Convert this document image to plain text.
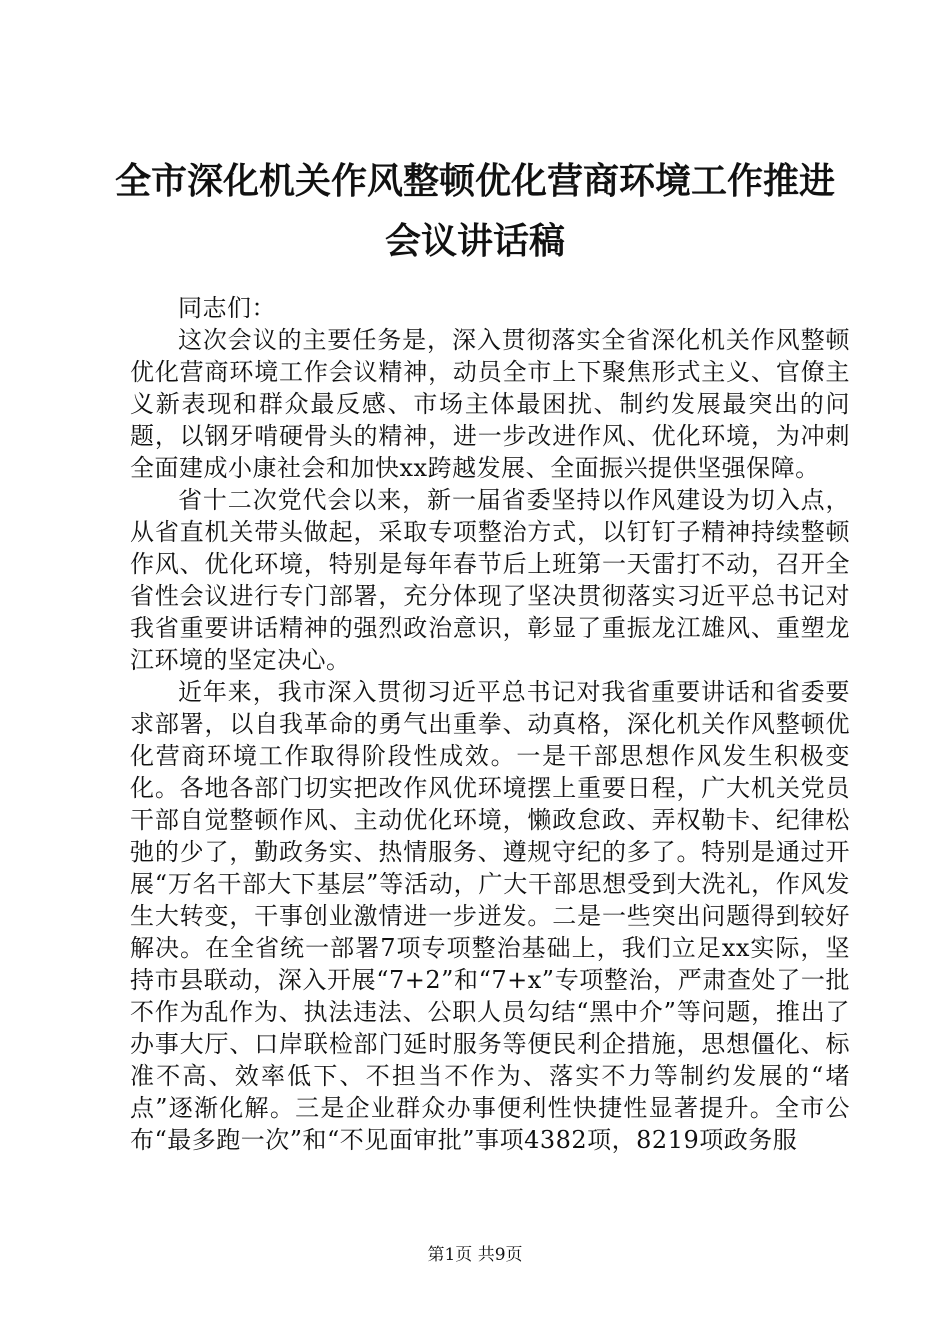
全市深化机关作风整顿优化营商环境工作推进
会议讲话稿

同志们：

这次会议的主要任务是，深入贯彻落实全省深化机关作风整顿优化营商环境工作会议精神，动员全市上下聚焦形式主义、官僚主义新表现和群众最反感、市场主体最困扰、制约发展最突出的问题，以钢牙啃硬骨头的精神，进一步改进作风、优化环境，为冲刺全面建成小康社会和加快xx跨越发展、全面振兴提供坚强保障。

省十二次党代会以来，新一届省委坚持以作风建设为切入点，从省直机关带头做起，采取专项整治方式，以钉钉子精神持续整顿作风、优化环境，特别是每年春节后上班第一天雷打不动，召开全省性会议进行专门部署，充分体现了坚决贯彻落实习近平总书记对我省重要讲话精神的强烈政治意识，彰显了重振龙江雄风、重塑龙江环境的坚定决心。

近年来，我市深入贯彻习近平总书记对我省重要讲话和省委要求部署，以自我革命的勇气出重拳、动真格，深化机关作风整顿优化营商环境工作取得阶段性成效。一是干部思想作风发生积极变化。各地各部门切实把改作风优环境摆上重要日程，广大机关党员干部自觉整顿作风、主动优化环境，懒政怠政、弄权勒卡、纪律松弛的少了，勤政务实、热情服务、遵规守纪的多了。特别是通过开展“万名干部大下基层”等活动，广大干部思想受到大洗礼，作风发生大转变，干事创业激情进一步迸发。二是一些突出问题得到较好解决。在全省统一部署7项专项整治基础上，我们立足xx实际，坚持市县联动，深入开展“7+2”和“7+x”专项整治，严肃查处了一批不作为乱作为、执法违法、公职人员勾结“黑中介”等问题，推出了办事大厅、口岸联检部门延时服务等便民利企措施，思想僵化、标准不高、效率低下、不担当不作为、落实不力等制约发展的“堵点”逐渐化解。三是企业群众办事便利性快捷性显著提升。全市公布“最多跑一次”和“不见面审批”事项4382项，8219项政务服

第1页 共9页
